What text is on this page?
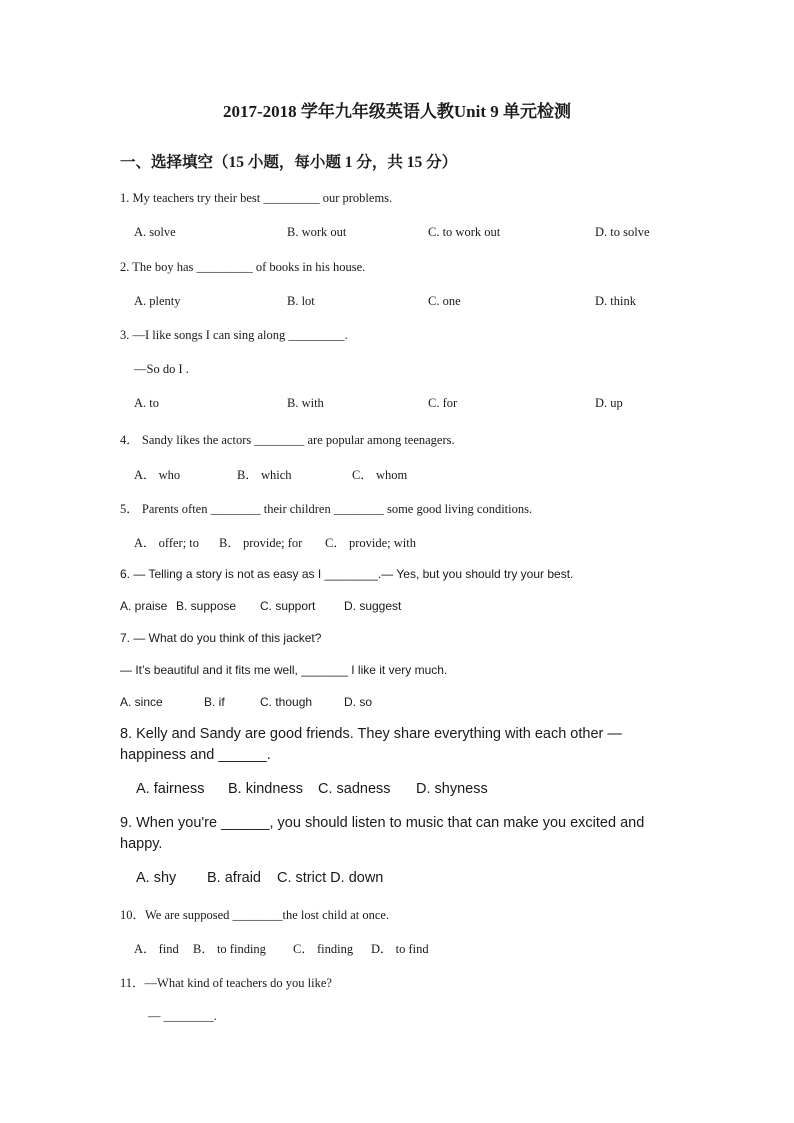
2017-2018 学年九年级英语人教Unit 9 单元检测
一、选择填空（15 小题，每小题 1 分，共 15 分）
1. My teachers try their best _________ our problems.
A. solve	B. work out	C. to work out	D. to solve
2. The boy has _________ of books in his house.
A. plenty	B. lot	C. one	D. think
3. —I like songs I can sing along _________.
—So do I .
A. to	B. with	C. for	D. up
4． Sandy likes the actors ________ are popular among teenagers.
A． who	B． which	C． whom
5． Parents often ________ their children ________ some good living conditions.
A． offer; to B． provide; for C． provide; with
6. — Telling a story is not as easy as I ________.— Yes, but you should try your best.
A. praise B. suppose C. support D. suggest
7. — What do you think of this jacket?
— It’s beautiful and it fits me well, _______ I like it very much.
A. since	B. if	C. though	D. so
8. Kelly and Sandy are good friends. They share everything with each other — happiness and ______.
A. fairness B. kindness C. sadness D. shyness
9. When you're ______, you should listen to music that can make you excited and happy.
A. shy B. afraid C. strict D. down
10．We are supposed ________the lost child at once.
A． find B． to finding C． finding D． to find
11．—What kind of teachers do you like?
— ________.
